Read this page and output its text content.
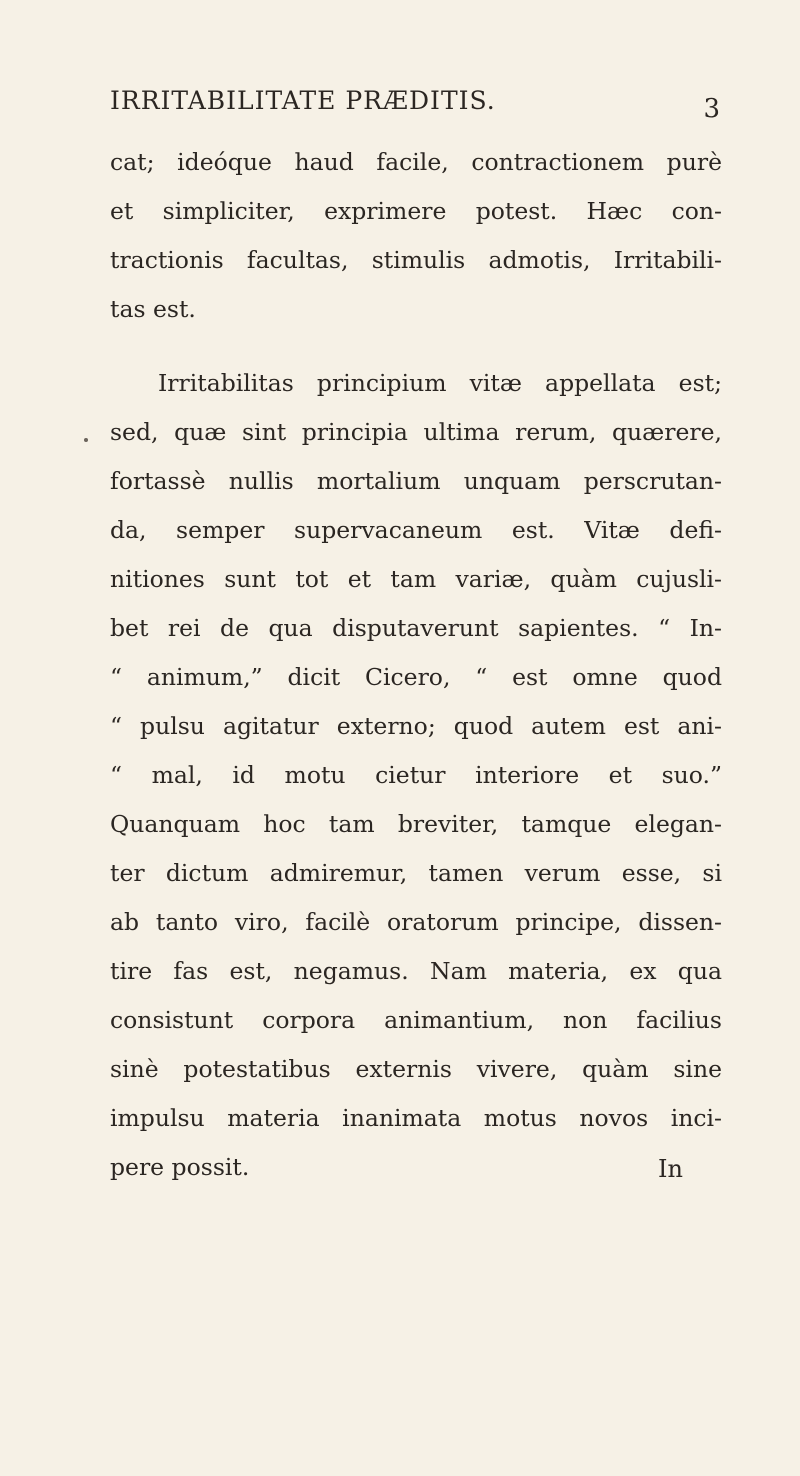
IRRITABILITATE PRÆDITIS.	3
cat; ideóque haud facile, contractionem purè
et simpliciter, exprimere potest. Hæc con-
tractionis facultas, stimulis admotis, Irritabili-
tas est.
Irritabilitas principium vitæ appellata est;
sed, quæ sint principia ultima rerum, quærere,
fortassè nullis mortalium unquam perscrutan-
da, semper supervacaneum est. Vitæ defi-
nitiones sunt tot et tam variæ, quàm cujusli-
bet rei de qua disputaverunt sapientes. “ In-
“ animum,” dicit Cicero, “ est omne quod
“ pulsu agitatur externo; quod autem est ani-
“ mal, id motu cietur interiore et suo.”
Quanquam hoc tam breviter, tamque elegan-
ter dictum admiremur, tamen verum esse, si
ab tanto viro, facilè oratorum principe, dissen-
tire fas est, negamus. Nam materia, ex qua
consistunt corpora animantium, non facilius
sinè potestatibus externis vivere, quàm sine
impulsu materia inanimata motus novos inci-
pere possit.	In
